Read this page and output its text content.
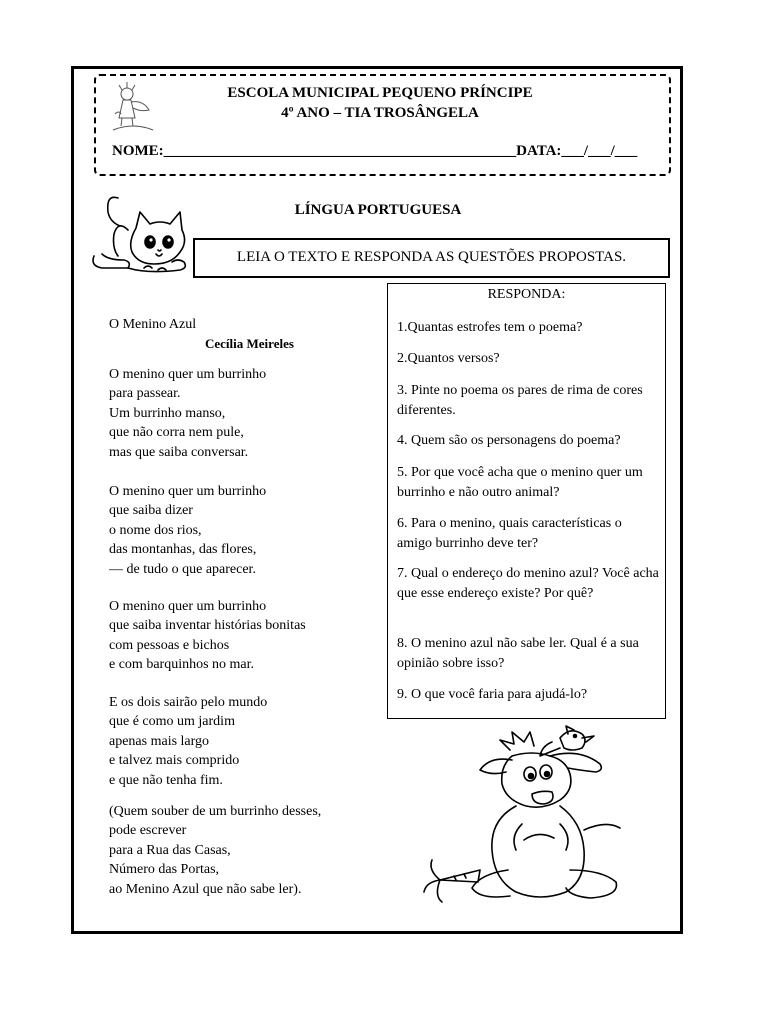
ESCOLA MUNICIPAL PEQUENO PRÍNCIPE
4º ANO – TIA TROSÂNGELA
NOME:_______________________________________________DATA:___/___/___
LÍNGUA PORTUGUESA
LEIA O TEXTO E RESPONDA AS QUESTÕES PROPOSTAS.
O Menino Azul
Cecília Meireles
O menino quer um burrinho
para passear.
Um burrinho manso,
que não corra nem pule,
mas que saiba conversar.
O menino quer um burrinho
que saiba dizer
o nome dos rios,
das montanhas, das flores,
— de tudo o que aparecer.
O menino quer um burrinho
que saiba inventar histórias bonitas
com pessoas e bichos
e com barquinhos no mar.
E os dois sairão pelo mundo
que é como um jardim
apenas mais largo
e talvez mais comprido
e que não tenha fim.
(Quem souber de um burrinho desses,
pode escrever
para a Rua das Casas,
Número das Portas,
ao Menino Azul que não sabe ler).
RESPONDA:
1.Quantas estrofes tem o poema?
2.Quantos versos?
3. Pinte no poema os pares de rima de cores diferentes.
4. Quem são os personagens do poema?
5. Por que você acha que o menino quer um burrinho e não outro animal?
6. Para o menino, quais características o amigo burrinho deve ter?
7. Qual o endereço do menino azul? Você acha que esse endereço existe? Por quê?
8. O menino azul não sabe ler. Qual é a sua opinião sobre isso?
9. O que você faria para ajudá-lo?
